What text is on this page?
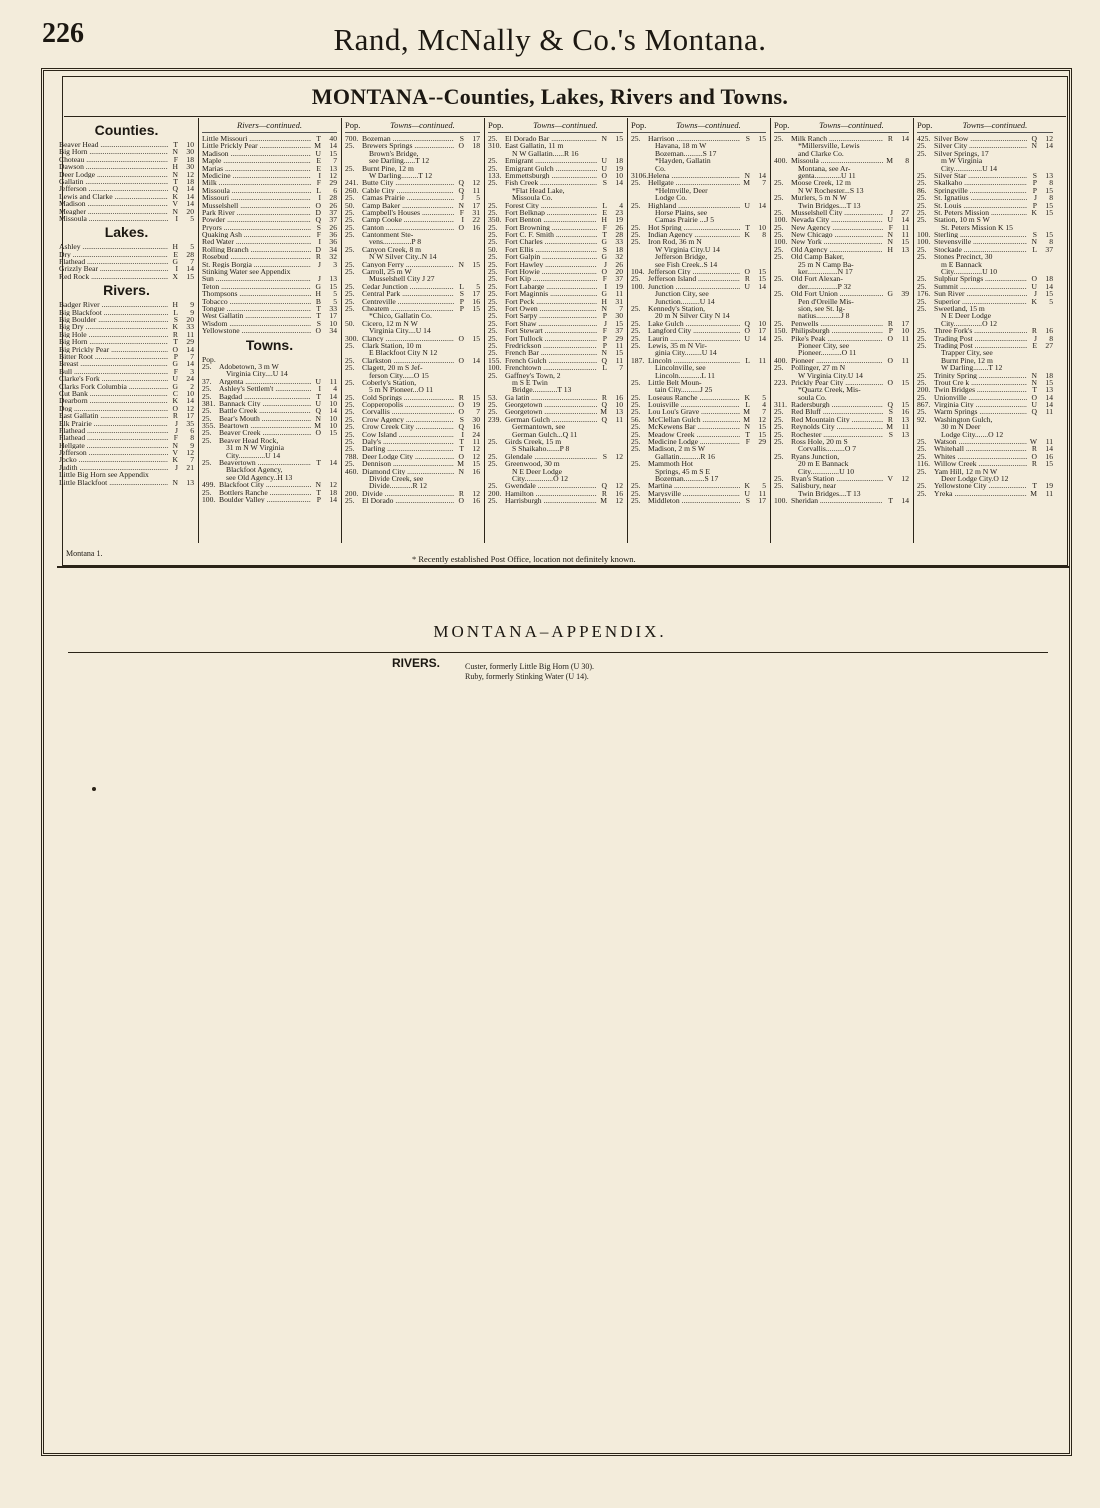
226	Rand, McNally & Co.'s Montana.
MONTANA--Counties, Lakes, Rivers and Towns.
Counties.
Beaver Head .....	T	10
Big Horn .....	N	30
Choteau .....	F	18
Dawson .....	H	30
Deer Lodge .....	N	12
Gallatin .....	T	18
Jefferson .....	Q	14
Lewis and Clarke .....	K	14
Madison .....	V	14
Meagher .....	N	20
Missoula .....	I	5
Lakes.
Ashley .....	H	5
Dry .....	E	28
Flathead .....	G	7
Grizzly Bear .....	I	14
Red Rock .....	X	15
Rivers.
Badger River .....	H	9
Big Blackfoot .....	L	9
Big Boulder .....	S	20
Big Dry .....	K	33
Big Hole .....	R	11
Big Horn .....	T	29
Big Prickly Pear .....	O	14
Bitter Root .....	P	7
Breast .....	G	14
Bull .....	F	3
Clarke's Fork .....	U	24
Clarks Fork Columbia .....	G	2
Cut Bank .....	C	10
Dearborn .....	K	14
Dog .....	O	12
East Gallatin .....	R	17
Elk Prairie .....	J	35
Flathead .....	J	6
Flathead .....	F	8
Hellgate .....	N	9
Jefferson .....	V	12
Jocko .....	K	7
Judith .....	J	21
Little Big Horn see Appendix
Little Blackfoot .....	N	13
Rivers—continued.
Little Missouri .....	T	40
Little Prickly Pear .....	M	14
Madison .....	U	15
Maple .....	E	7
Marias .....	E	13
Medicine .....	I	12
Milk .....	F	29
Missoula .....	L	6
Missouri .....	I	28
Musselshell .....	O	26
Park River .....	D	37
Powder .....	Q	37
Pryors .....	S	26
Quaking Ash .....	F	36
Red Water .....	I	36
Rolling Branch .....	D	34
Rosebud .....	R	32
St. Regis Borgia .....	J	3
Stinking Water see Appendix
Sun .....	J	13
Teton .....	G	15
Thompsons .....	H	5
Tobacco .....	B	5
Tongue .....	T	33
West Gallatin .....	T	17
Wisdom .....	S	10
Yellowstone .....	O	34
Towns.
Pop.
25. Adobetown, 3 m W
Virginia City....U 14
37. Argenta .....	U	11
25. Ashley's Settlem't .....	I	4
25. Bagdad .....	T	14
381. Bannack City .....	U	10
25. Battle Creek .....	Q	14
25. Bear's Mouth .....	N	10
355. Beartown .....	M	10
25. Beaver Creek .....	O	15
25. Beaver Head Rock,
31 m N W Virginia
City..............U 14
25. Beavertown .....	T	14
Blackfoot Agency,
see Old Agency..H 13
499. Blackfoot City .....	N	12
25. Bottlers Ranche .....	T	18
100. Boulder Valley .....	P	14
Pop.	Towns—continued.
700. Bozeman .....	S	17
25. Brewers Springs .....	O	18
Brown's Bridge,
see Darling......T 12
25. Burnt Pine, 12 m
W Darling.........T 12
241. Butte City .....	Q	12
260. Cable City .....	Q	11
25. Camas Prairie .....	J	5
50. Camp Baker .....	N	17
25. Campbell's Houses .....	F	31
25. Camp Cooke .....	I	22
25. Canton .....	O	16
25. Cantonment Ste-
vens...............P 8
25. Canyon Creek, 8 m
N W Silver City..N 14
25. Canyon Ferry .....	N	15
25. Carroll, 25 m W
Musselshell City J 27
25. Cedar Junction .....	L	5
25. Central Park .....	S	17
25. Centreville .....	P	16
25. Cheatem .....	P	15
*Chico, Gallatin Co.
50. Cicero, 12 m N W
Virginia City....U 14
300. Clancy .....	O	15
25. Clark Station, 10 m
E Blackfoot City N 12
25. Clarkston .....	O	14
25. Clagett, 20 m S Jef-
ferson City......O 15
25. Coberly's Station,
5 m N Pioneer...O 11
25. Cold Springs .....	R	15
25. Copperopolis .....	O	19
25. Corvallis .....	O	7
25. Crow Agency .....	S	30
25. Crow Creek City .....	Q	16
25. Cow Island .....	I	24
25. Daly's .....	T	11
25. Darling .....	T	12
788. Deer Lodge City .....	O	12
25. Dennison .....	M	15
460. Diamond City .....	N	16
Divide Creek, see
Divide............R 12
200. Divide .....	R	12
25. El Dorado .....	O	16
Pop.	Towns—continued.
25. El Dorado Bar .....	N	15
310. East Gallatin, 11 m
N W Gallatin......R 16
25. Emigrant .....	U	18
25. Emigrant Gulch .....	U	19
133. Emmettsburgh .....	O	10
25. Fish Creek .....	S	14
*Flat Head Lake,
Missoula Co.
25. Forest City .....	L	4
25. Fort Belknap .....	E	23
350. Fort Benton .....	H	19
25. Fort Browning .....	F	26
25. Fort C. F. Smith .....	T	28
25. Fort Charles .....	G	33
50. Fort Ellis .....	S	18
25. Fort Galpin .....	G	32
25. Fort Hawley .....	J	26
25. Fort Howie .....	O	20
25. Fort Kip .....	F	37
25. Fort Labarge .....	I	19
25. Fort Maginnis .....	G	11
25. Fort Peck .....	H	31
25. Fort Owen .....	N	7
25. Fort Sarpy .....	P	30
25. Fort Shaw .....	J	15
25. Fort Stewart .....	F	37
25. Fort Tullock .....	P	29
25. Fredrickson .....	P	11
25. French Bar .....	N	15
155. French Gulch .....	Q	11
100. Frenchtown .....	L	7
25. Gaffney's Town, 2
m S E Twin
Bridge.............T 13
53. Ga latin .....	R	16
25. Georgetown .....	Q	10
25. Georgetown .....	M	13
239. German Gulch .....	Q	11
Germantown, see
German Gulch...Q 11
25. Girds Creek, 15 m
S Shaikaho.......P 8
25. Glendale .....	S	12
25. Greenwood, 30 m
N E Deer Lodge
City...............O 12
25. Gwendale .....	Q	12
200. Hamilton .....	R	16
25. Harrisburgh .....	M	12
Pop.	Towns—continued.
25. Harrison .....	S	15
Havana, 18 m W
Bozeman..........S 17
*Hayden, Gallatin
Co.
3106. Helena .....	N	14
25. Hellgate .....	M	7
*Helmville, Deer
Lodge Co.
25. Highland .....	U	14
Horse Plains, see
Camas Prairie ...J 5
25. Hot Spring .....	T	10
25. Indian Agency .....	K	8
25. Iron Rod, 36 m N
W Virginia City.U 14
Jefferson Bridge,
see Fish Creek..S 14
104. Jefferson City .....	O	15
25. Jefferson Island .....	R	15
100. Junction .....	U	14
Junction City, see
Junction..........U 14
25. Kennedy's Station,
20 m N Silver City N 14
25. Lake Gulch .....	Q	10
25. Langford City .....	O	17
25. Laurin .....	U	14
25. Lewis, 35 m N Vir-
ginia City.........U 14
187. Lincoln .....	L	11
Lincolnville, see
Lincoln............L 11
25. Little Belt Moun-
tain City..........J 25
25. Loseaus Ranche .....	K	5
25. Louisville .....	L	4
25. Lou Lou's Grave .....	M	7
56. McClellan Gulch .....	M	12
25. McKewens Bar .....	N	15
25. Meadow Creek .....	T	15
25. Medicine Lodge .....	F	29
25. Madison, 2 m S W
Gallatin...........R 16
25. Mammoth Hot
Springs, 45 m S E
Bozeman...........S 17
25. Martina .....	K	5
25. Marysville .....	U	11
25. Middleton .....	S	17
Pop.	Towns—continued.
25. Milk Ranch .....	R	14
*Millersville, Lewis
and Clarke Co.
400. Missoula .....	M	8
Montana, see Ar-
genta..............U 11
25. Moose Creek, 12 m
N W Rochester...S 13
25. Murlers, 5 m N W
Twin Bridges....T 13
25. Musselshell City .....	J	27
100. Nevada City .....	U	14
25. New Agency .....	F	11
25. New Chicago .....	N	11
100. New York .....	N	15
25. Old Agency .....	H	13
25. Old Camp Baker,
25 m N Camp Ba-
ker................N 17
25. Old Fort Alexan-
der................P 32
25. Old Fort Union .....	G	39
Pen d'Oreille Mis-
sion, see St. Ig-
natius.............J 8
25. Penwells .....	R	17
150. Philipsburgh .....	P	10
25. Pike's Peak .....	O	11
Pioneer City, see
Pioneer...........O 11
400. Pioneer .....	O	11
25. Pollinger, 27 m N
W Virginia City.U 14
223. Prickly Pear City .....	O	15
*Quartz Creek, Mis-
soula Co.
311. Radersburgh .....	Q	15
25. Red Bluff .....	S	16
25. Red Mountain City .....	R	13
25. Reynolds City .....	M	11
25. Rochester .....	S	13
25. Ross Hole, 20 m S
Corvallis..........O 7
25. Ryans Junction,
20 m E Bannack
City...............U 10
25. Ryan's Station .....	V	12
25. Salisbury, near
Twin Bridges....T 13
100. Sheridan .....	T	14
Pop.	Towns—continued.
425. Silver Bow .....	Q	12
25. Silver City .....	N	14
25. Silver Springs, 17
m W Virginia
City...............U 14
25. Silver Star .....	S	13
25. Skalkaho .....	P	8
86. Springville .....	P	15
25. St. Ignatius .....	J	8
25. St. Louis .....	P	15
25. St. Peters Mission .....	K	15
25. Station, 10 m S W
St. Peters Mission K 15
100. Sterling .....	S	15
100. Stevensville .....	N	8
25. Stockade .....	L	37
25. Stones Precinct, 30
m E Bannack
City...............U 10
25. Sulphur Springs .....	O	18
25. Summit .....	U	14
176. Sun River .....	J	15
25. Superior .....	K	5
25. Sweetland, 15 m
N E Deer Lodge
City...............O 12
25. Three Fork's .....	R	16
25. Trading Post .....	J	8
25. Trading Post .....	E	27
Trapper City, see
Burnt Pine, 12 m
W Darling........T 12
25. Trinity Spring .....	N	18
25. Trout Cre k .....	N	15
200. Twin Bridges .....	T	13
25. Unionville .....	O	14
867. Virginia City .....	U	14
25. Warm Springs .....	Q	11
92. Washington Gulch,
30 m N Deer
Lodge City.......O 12
25. Watson .....	W	11
25. Whitehall .....	R	14
25. Whites .....	O	16
116. Willow Creek .....	R	15
25. Yam Hill, 12 m N W
Deer Lodge City.O 12
25. Yellowstone City .....	T	19
25. Yreka .....	M	11
Montana 1.
* Recently established Post Office, location not definitely known.
MONTANA–APPENDIX.
RIVERS.	Custer, formerly Little Big Horn (U 30).
Ruby, formerly Stinking Water (U 14).
